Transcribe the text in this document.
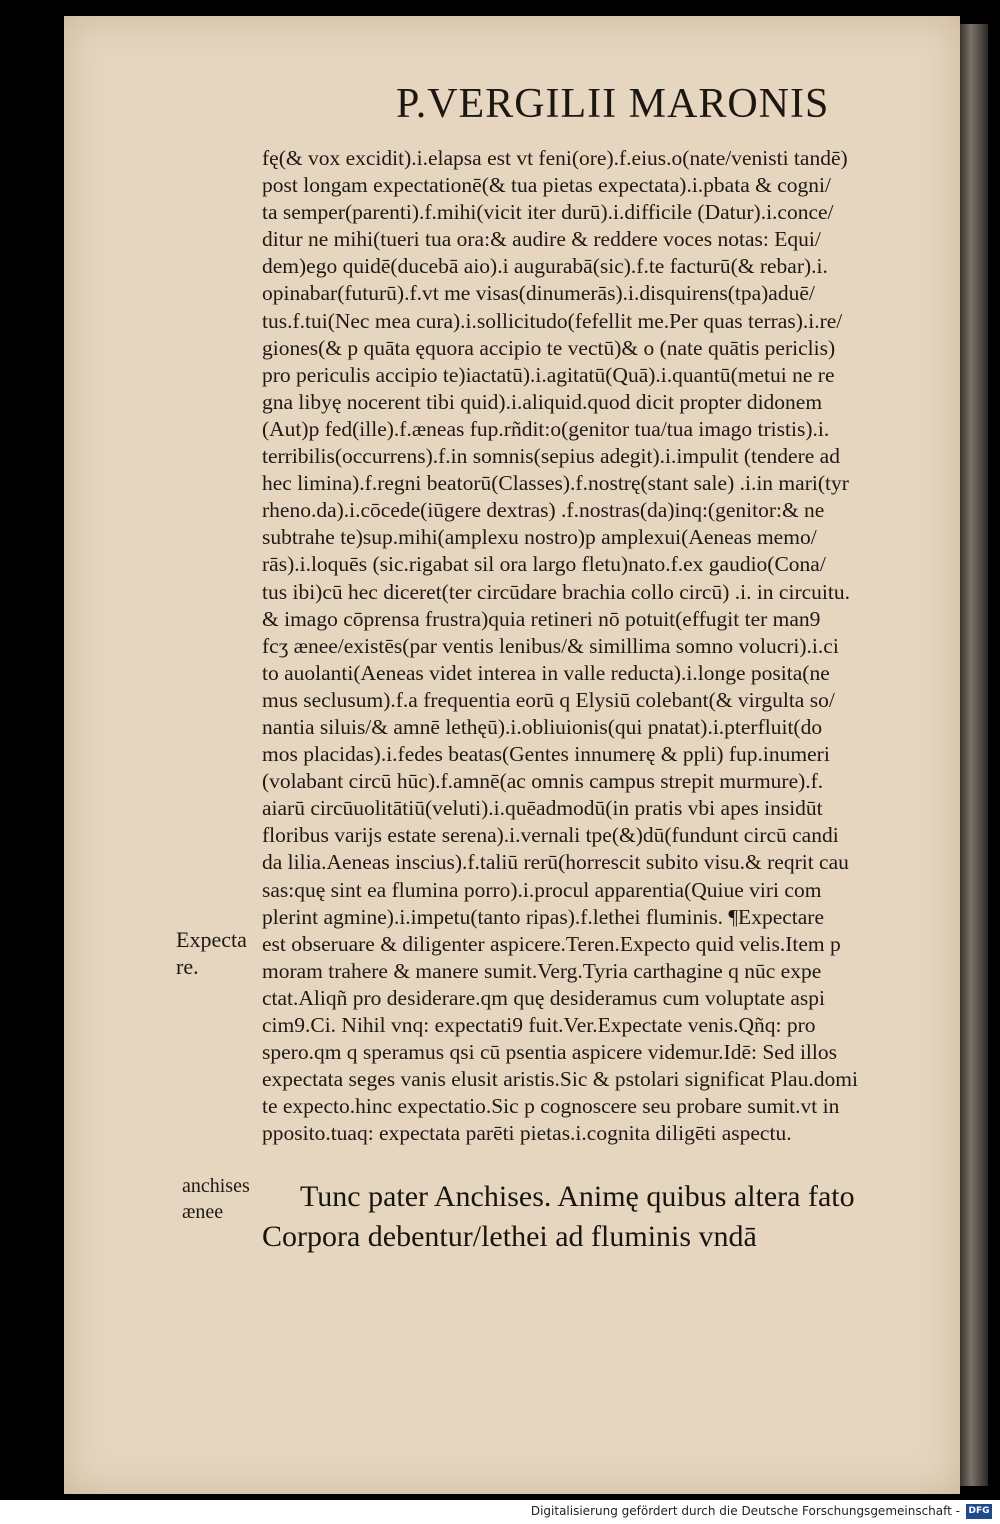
P.VERGILII MARONIS
fę(& vox excidit).i.elapsa est vt feni(ore).f.eius.o(nate/venisti tandē)
post longam expectationē(& tua pietas expectata).i.pbata & cogni/
ta semper(parenti).f.mihi(vicit iter durū).i.difficile (Datur).i.conce/
ditur ne mihi(tueri tua ora:& audire & reddere voces notas: Equi/
dem)ego quidē(ducebā aio).i augurabā(sic).f.te facturū(& rebar).i.
opinabar(futurū).f.vt me visas(dinumerās).i.disquirens(tpa)aduē/
tus.f.tui(Nec mea cura).i.sollicitudo(fefellit me.Per quas terras).i.re/
giones(& p quāta ęquora accipio te vectū)& o (nate quātis periclis)
pro periculis accipio te)iactatū).i.agitatū(Quā).i.quantū(metui ne re
gna libyę nocerent tibi quid).i.aliquid.quod dicit propter didonem
(Aut)p fed(ille).f.æneas fup.rñdit:o(genitor tua/tua imago tristis).i.
terribilis(occurrens).f.in somnis(sepius adegit).i.impulit (tendere ad
hec limina).f.regni beatorū(Classes).f.nostrę(stant sale) .i.in mari(tyr
rheno.da).i.cōcede(iūgere dextras) .f.nostras(da)inq:(genitor:& ne
subtrahe te)sup.mihi(amplexu nostro)p amplexui(Aeneas memo/
rās).i.loquēs (sic.rigabat sil ora largo fletu)nato.f.ex gaudio(Cona/
tus ibi)cū hec diceret(ter circūdare brachia collo circū) .i. in circuitu.
& imago cōprensa frustra)quia retineri nō potuit(effugit ter man9
fcʒ ænee/existēs(par ventis lenibus/& simillima somno volucri).i.ci
to auolanti(Aeneas videt interea in valle reducta).i.longe posita(ne
mus seclusum).f.a frequentia eorū q Elysiū colebant(& virgulta so/
nantia siluis/& amnē lethęū).i.obliuionis(qui pnatat).i.pterfluit(do
mos placidas).i.fedes beatas(Gentes innumerę & ppli) fup.inumeri
(volabant circū hūc).f.amnē(ac omnis campus strepit murmure).f.
aiarū circūuolitātiū(veluti).i.quēadmodū(in pratis vbi apes insidūt
floribus varijs estate serena).i.vernali tpe(&)dū(fundunt circū candi
da lilia.Aeneas inscius).f.taliū rerū(horrescit subito visu.& reqrit cau
sas:quę sint ea flumina porro).i.procul apparentia(Quiue viri com
plerint agmine).i.impetu(tanto ripas).f.lethei fluminis. ¶Expectare
est obseruare & diligenter aspicere.Teren.Expecto quid velis.Item p
moram trahere & manere sumit.Verg.Tyria carthagine q nūc expe
ctat.Aliqñ pro desiderare.qm quę desideramus cum voluptate aspi
cim9.Ci. Nihil vnq: expectati9 fuit.Ver.Expectate venis.Qñq: pro
spero.qm q speramus qsi cū psentia aspicere videmur.Idē: Sed illos
expectata seges vanis elusit aristis.Sic & pstolari significat Plau.domi
te expecto.hinc expectatio.Sic p cognoscere seu probare sumit.vt in
pposito.tuaq: expectata parēti pietas.i.cognita diligēti aspectu.
Expecta
re.
anchises
ænee	Tunc pater Anchises. Animę quibus altera fato
Corpora debentur/lethei ad fluminis vndā
Digitalisierung gefördert durch die Deutsche Forschungsgemeinschaft - DFG
